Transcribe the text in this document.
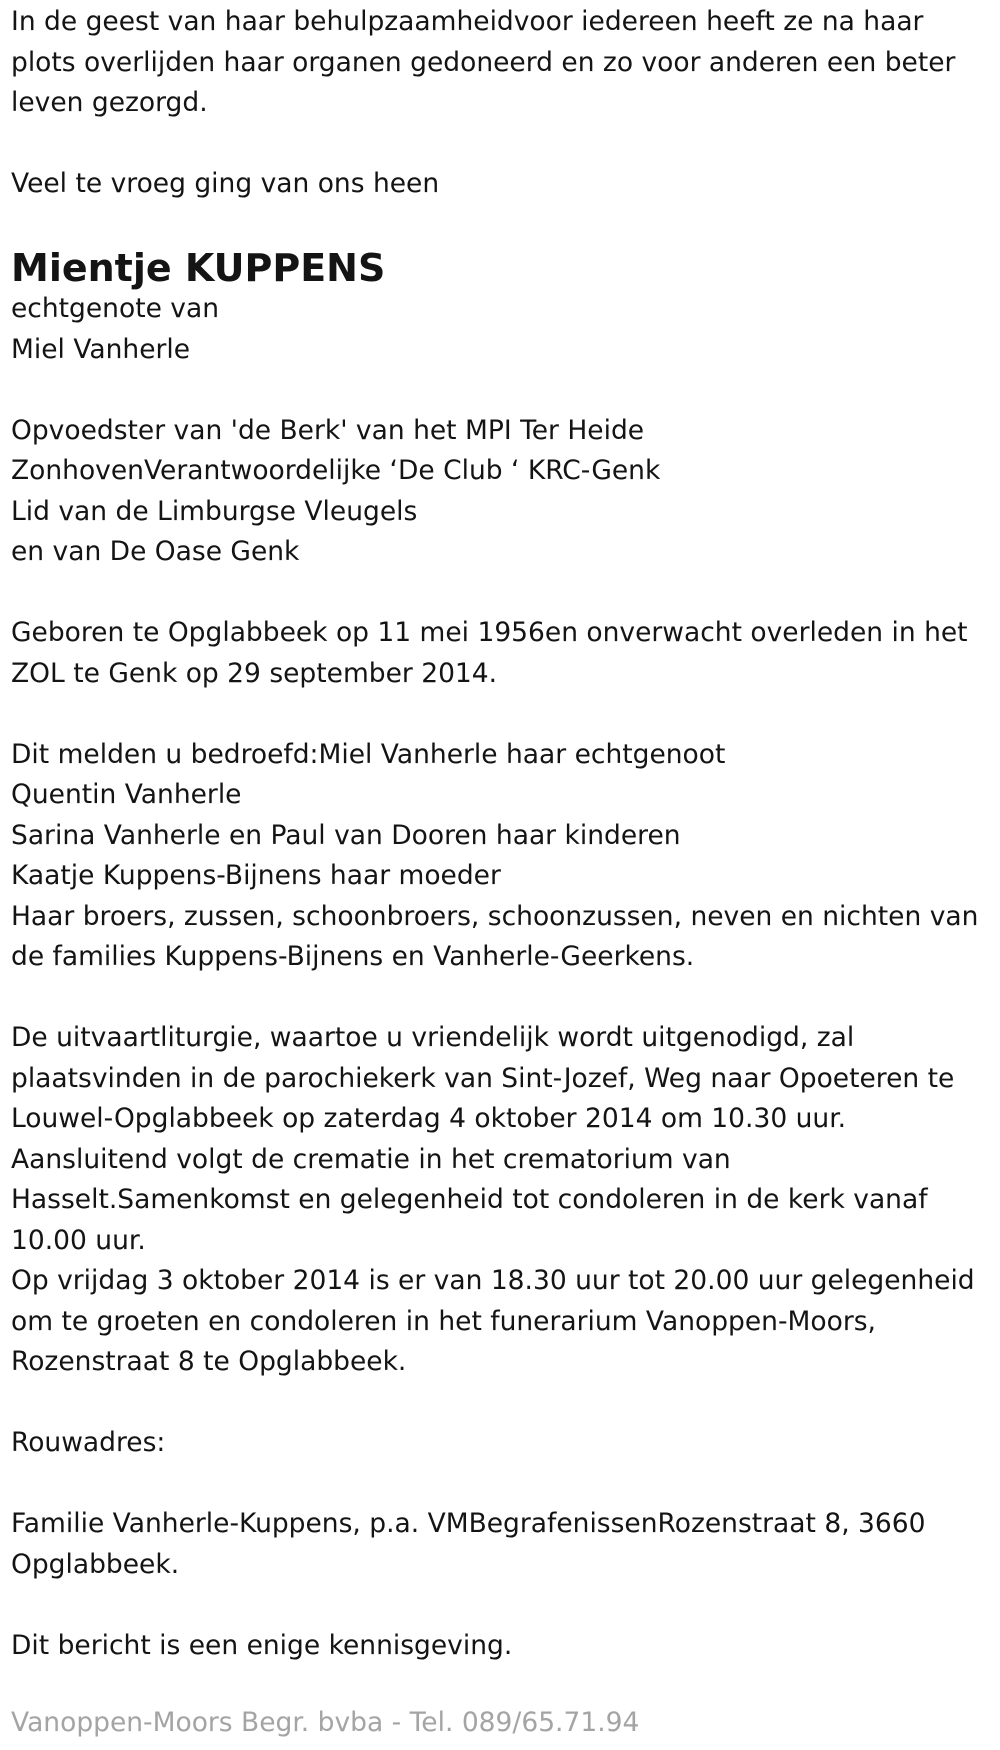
In de geest van haar behulpzaamheidvoor iedereen heeft ze na haar
plots overlijden haar organen gedoneerd en zo voor anderen een beter
leven gezorgd.
Veel te vroeg ging van ons heen
Mientje KUPPENS
echtgenote van
Miel Vanherle
Opvoedster van 'de Berk' van het MPI Ter Heide
ZonhovenVerantwoordelijke ‘De Club ‘ KRC-Genk
Lid van de Limburgse Vleugels
en van De Oase Genk
Geboren te Opglabbeek op 11 mei 1956en onverwacht overleden in het
ZOL te Genk op 29 september 2014.
Dit melden u bedroefd:Miel Vanherle haar echtgenoot
Quentin Vanherle
Sarina Vanherle en Paul van Dooren haar kinderen
Kaatje Kuppens-Bijnens haar moeder
Haar broers, zussen, schoonbroers, schoonzussen, neven en nichten van
de families Kuppens-Bijnens en Vanherle-Geerkens.
De uitvaartliturgie, waartoe u vriendelijk wordt uitgenodigd, zal
plaatsvinden in de parochiekerk van Sint-Jozef, Weg naar Opoeteren te
Louwel-Opglabbeek op zaterdag 4 oktober 2014 om 10.30 uur.
Aansluitend volgt de crematie in het crematorium van
Hasselt.Samenkomst en gelegenheid tot condoleren in de kerk vanaf
10.00 uur.
Op vrijdag 3 oktober 2014 is er van 18.30 uur tot 20.00 uur gelegenheid
om te groeten en condoleren in het funerarium Vanoppen-Moors,
Rozenstraat 8 te Opglabbeek.
Rouwadres:
Familie Vanherle-Kuppens, p.a. VMBegrafenissenRozenstraat 8, 3660
Opglabbeek.
Dit bericht is een enige kennisgeving.
Vanoppen-Moors Begr. bvba - Tel. 089/65.71.94
